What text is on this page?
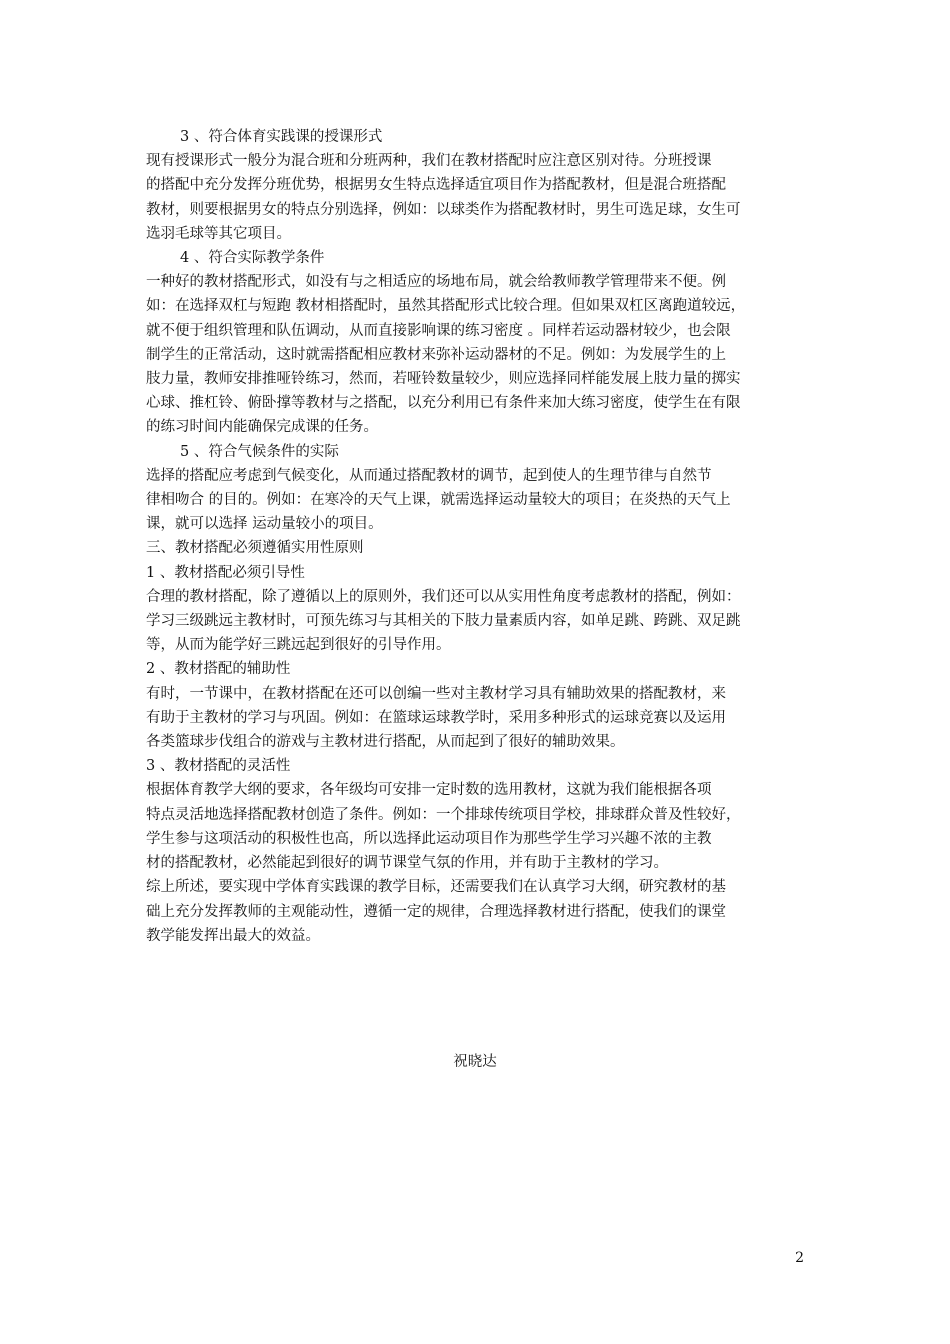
3 、符合体育实践课的授课形式
现有授课形式一般分为混合班和分班两种，我们在教材搭配时应注意区别对待。分班授课
的搭配中充分发挥分班优势，根据男女生特点选择适宜项目作为搭配教材，但是混合班搭配
教材，则要根据男女的特点分别选择，例如：以球类作为搭配教材时，男生可选足球，女生可
选羽毛球等其它项目。
4 、符合实际教学条件
一种好的教材搭配形式，如没有与之相适应的场地布局，就会给教师教学管理带来不便。例
如：在选择双杠与短跑 教材相搭配时，虽然其搭配形式比较合理。但如果双杠区离跑道较远，
就不便于组织管理和队伍调动，从而直接影响课的练习密度 。同样若运动器材较少，也会限
制学生的正常活动，这时就需搭配相应教材来弥补运动器材的不足。例如：为发展学生的上
肢力量，教师安排推哑铃练习，然而，若哑铃数量较少，则应选择同样能发展上肢力量的掷实
心球、推杠铃、俯卧撑等教材与之搭配，以充分利用已有条件来加大练习密度，使学生在有限
的练习时间内能确保完成课的任务。
5 、符合气候条件的实际
选择的搭配应考虑到气候变化，从而通过搭配教材的调节，起到使人的生理节律与自然节
律相吻合 的目的。例如：在寒冷的天气上课，就需选择运动量较大的项目；在炎热的天气上
课，就可以选择 运动量较小的项目。
三、教材搭配必须遵循实用性原则
1 、教材搭配必须引导性
合理的教材搭配，除了遵循以上的原则外，我们还可以从实用性角度考虑教材的搭配，例如：
学习三级跳远主教材时，可预先练习与其相关的下肢力量素质内容，如单足跳、跨跳、双足跳
等，从而为能学好三跳远起到很好的引导作用。
2 、教材搭配的辅助性
有时，一节课中，在教材搭配在还可以创编一些对主教材学习具有辅助效果的搭配教材，来
有助于主教材的学习与巩固。例如：在篮球运球教学时，采用多种形式的运球竞赛以及运用
各类篮球步伐组合的游戏与主教材进行搭配，从而起到了很好的辅助效果。
3 、教材搭配的灵活性
根据体育教学大纲的要求，各年级均可安排一定时数的选用教材，这就为我们能根据各项
特点灵活地选择搭配教材创造了条件。例如：一个排球传统项目学校，排球群众普及性较好，
学生参与这项活动的积极性也高，所以选择此运动项目作为那些学生学习兴趣不浓的主教
材的搭配教材，必然能起到很好的调节课堂气氛的作用，并有助于主教材的学习。
综上所述，要实现中学体育实践课的教学目标，还需要我们在认真学习大纲，研究教材的基
础上充分发挥教师的主观能动性，遵循一定的规律，合理选择教材进行搭配，使我们的课堂
教学能发挥出最大的效益。
祝晓达
2
